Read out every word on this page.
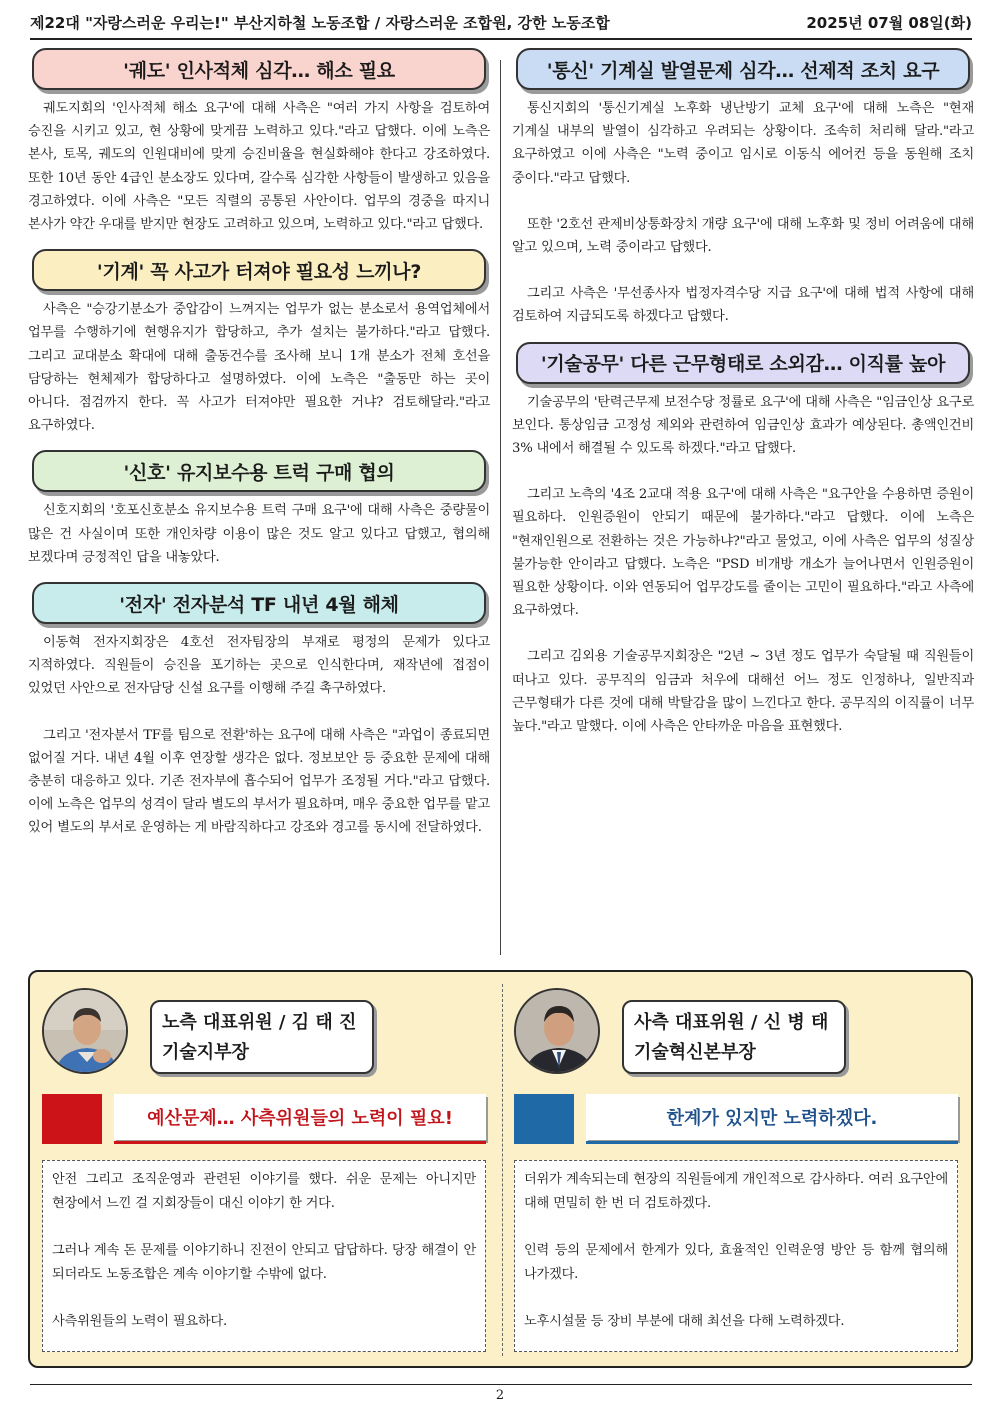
제22대 "자랑스러운 우리는!" 부산지하철 노동조합 / 자랑스러운 조합원, 강한 노동조합	2025년 07월 08일(화)
'궤도' 인사적체 심각… 해소 필요

궤도지회의 '인사적체 해소 요구'에 대해 사측은 "여러 가지 사항을 검토하여 승진을 시키고 있고, 현 상황에 맞게끔 노력하고 있다."라고 답했다. 이에 노측은 본사, 토목, 궤도의 인원대비에 맞게 승진비율을 현실화해야 한다고 강조하였다. 또한 10년 동안 4급인 분소장도 있다며, 갈수록 심각한 사항들이 발생하고 있음을 경고하였다. 이에 사측은 "모든 직렬의 공통된 사안이다. 업무의 경중을 따지니 본사가 약간 우대를 받지만 현장도 고려하고 있으며, 노력하고 있다."라고 답했다.

'기계' 꼭 사고가 터져야 필요성 느끼나?

사측은 "승강기분소가 중압감이 느껴지는 업무가 없는 분소로서 용역업체에서 업무를 수행하기에 현행유지가 합당하고, 추가 설치는 불가하다."라고 답했다. 그리고 교대분소 확대에 대해 출동건수를 조사해 보니 1개 분소가 전체 호선을 담당하는 현체제가 합당하다고 설명하였다. 이에 노측은 "출동만 하는 곳이 아니다. 점검까지 한다. 꼭 사고가 터져야만 필요한 거냐? 검토해달라."라고 요구하였다.

'신호' 유지보수용 트럭 구매 협의

신호지회의 '호포신호분소 유지보수용 트럭 구매 요구'에 대해 사측은 중량물이 많은 건 사실이며 또한 개인차량 이용이 많은 것도 알고 있다고 답했고, 협의해 보겠다며 긍정적인 답을 내놓았다.

'전자' 전자분석 TF 내년 4월 해체

이동혁 전자지회장은 4호선 전자팀장의 부재로 평정의 문제가 있다고 지적하였다. 직원들이 승진을 포기하는 곳으로 인식한다며, 재작년에 접점이 있었던 사안으로 전자담당 신설 요구를 이행해 주길 촉구하였다.

그리고 '전자분서 TF를 팀으로 전환'하는 요구에 대해 사측은 "과업이 종료되면 없어질 거다. 내년 4월 이후 연장할 생각은 없다. 정보보안 등 중요한 문제에 대해 충분히 대응하고 있다. 기존 전자부에 흡수되어 업무가 조정될 거다."라고 답했다. 이에 노측은 업무의 성격이 달라 별도의 부서가 필요하며, 매우 중요한 업무를 맡고 있어 별도의 부서로 운영하는 게 바람직하다고 강조와 경고를 동시에 전달하였다.

'통신' 기계실 발열문제 심각… 선제적 조치 요구

통신지회의 '통신기계실 노후화 냉난방기 교체 요구'에 대해 노측은 "현재 기계실 내부의 발열이 심각하고 우려되는 상황이다. 조속히 처리해 달라."라고 요구하였고 이에 사측은 "노력 중이고 임시로 이동식 에어컨 등을 동원해 조치 중이다."라고 답했다.

또한 '2호선 관제비상통화장치 개량 요구'에 대해 노후화 및 정비 어려움에 대해 알고 있으며, 노력 중이라고 답했다.

그리고 사측은 '무선종사자 법정자격수당 지급 요구'에 대해 법적 사항에 대해 검토하여 지급되도록 하겠다고 답했다.

'기술공무' 다른 근무형태로 소외감… 이직률 높아

기술공무의 '탄력근무제 보전수당 정률로 요구'에 대해 사측은 "임금인상 요구로 보인다. 통상임금 고정성 제외와 관련하여 임금인상 효과가 예상된다. 총액인건비 3% 내에서 해결될 수 있도록 하겠다."라고 답했다.

그리고 노측의 '4조 2교대 적용 요구'에 대해 사측은 "요구안을 수용하면 증원이 필요하다. 인원증원이 안되기 때문에 불가하다."라고 답했다. 이에 노측은 "현재인원으로 전환하는 것은 가능하냐?"라고 물었고, 이에 사측은 업무의 성질상 불가능한 안이라고 답했다. 노측은 "PSD 비개방 개소가 늘어나면서 인원증원이 필요한 상황이다. 이와 연동되어 업무강도를 줄이는 고민이 필요하다."라고 사측에 요구하였다.

그리고 김외용 기술공무지회장은 "2년 ~ 3년 정도 업무가 숙달될 때 직원들이 떠나고 있다. 공무직의 임금과 처우에 대해선 어느 정도 인정하나, 일반직과 근무형태가 다른 것에 대해 박탈감을 많이 느낀다고 한다. 공무직의 이직률이 너무 높다."라고 말했다. 이에 사측은 안타까운 마음을 표현했다.

노측 대표위원 / 김 태 진
기술지부장
사측 대표위원 / 신 병 태
기술혁신본부장
예산문제… 사측위원들의 노력이 필요!	한계가 있지만 노력하겠다.

안전 그리고 조직운영과 관련된 이야기를 했다. 쉬운 문제는 아니지만 현장에서 느낀 걸 지회장들이 대신 이야기 한 거다.

그러나 계속 돈 문제를 이야기하니 진전이 안되고 답답하다. 당장 해결이 안 되더라도 노동조합은 계속 이야기할 수밖에 없다.

사측위원들의 노력이 필요하다.

더위가 계속되는데 현장의 직원들에게 개인적으로 감사하다. 여러 요구안에 대해 면밀히 한 번 더 검토하겠다.

인력 등의 문제에서 한계가 있다, 효율적인 인력운영 방안 등 함께 협의해 나가겠다.

노후시설물 등 장비 부분에 대해 최선을 다해 노력하겠다.

2
